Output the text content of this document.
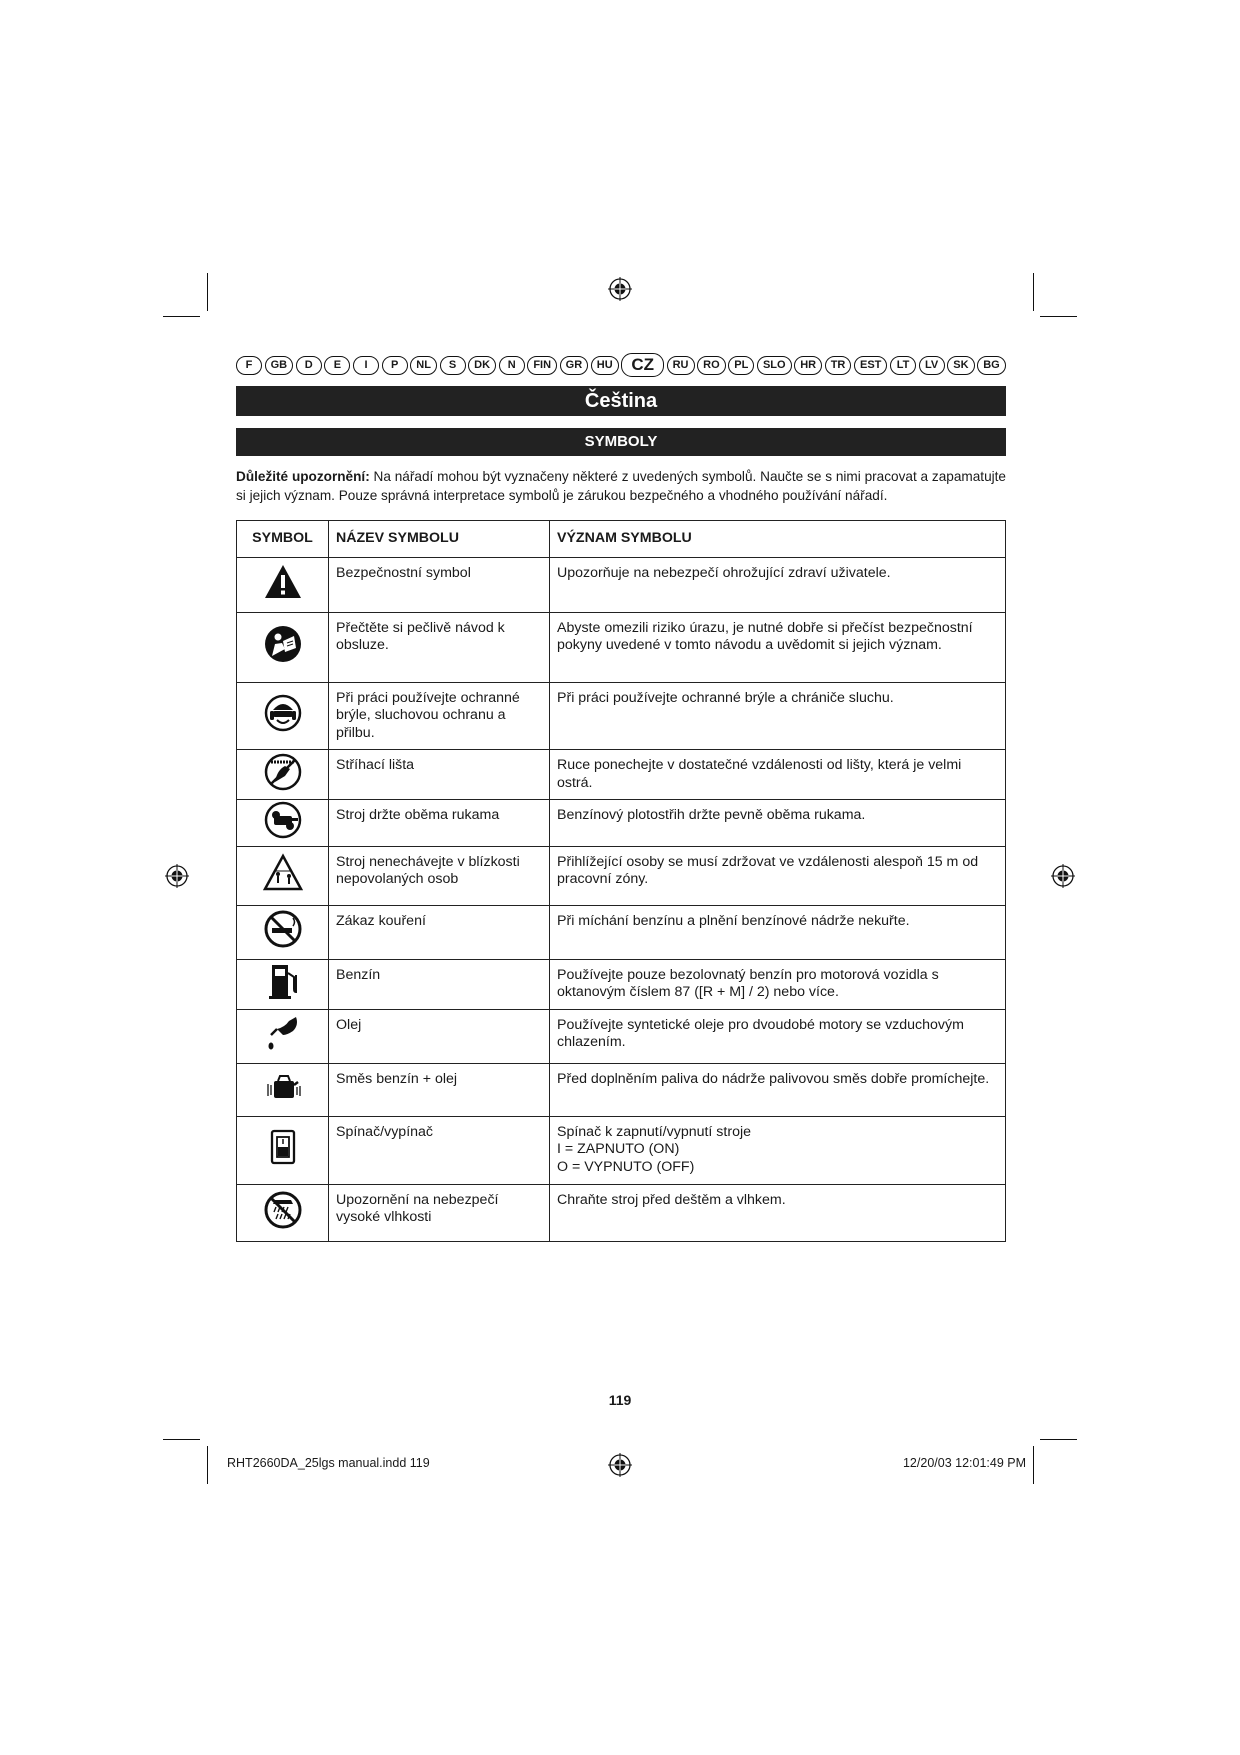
F	GB	D	E	I	P	NL	S	DK	N	FIN	GR	HU	CZ	RU	RO	PL	SLO	HR	TR	EST	LT	LV	SK	BG
Čeština
SYMBOLY
Důležité upozornění: Na nářadí mohou být vyznačeny některé z uvedených symbolů. Naučte se s nimi pracovat a zapamatujte si jejich význam. Pouze správná interpretace symbolů je zárukou bezpečného a vhodného používání nářadí.
SYMBOL	NÁZEV SYMBOLU	VÝZNAM SYMBOLU

	Bezpečnostní symbol	Upozorňuje na nebezpečí ohrožující zdraví uživatele.

	Přečtěte si pečlivě návod k obsluze.	Abyste omezili riziko úrazu, je nutné dobře si přečíst bezpečnostní pokyny uvedené v tomto návodu a uvědomit si jejich význam.

	Při práci používejte ochranné brýle, sluchovou ochranu a přilbu.	Při práci používejte ochranné brýle a chrániče sluchu.

	Stříhací lišta	Ruce ponechejte v dostatečné vzdálenosti od lišty, která je velmi ostrá.

	Stroj držte oběma rukama	Benzínový plotostřih držte pevně oběma rukama.

	Stroj nenechávejte v blízkosti nepovolaných osob	Přihlížející osoby se musí zdržovat ve vzdálenosti alespoň 15 m od pracovní zóny.

	Zákaz kouření	Při míchání benzínu a plnění benzínové nádrže nekuřte.

	Benzín	Používejte pouze bezolovnatý benzín pro motorová vozidla s oktanovým číslem 87 ([R + M] / 2) nebo více.

	Olej	Používejte syntetické oleje pro dvoudobé motory se vzduchovým chlazením.

	Směs benzín + olej	Před doplněním paliva do nádrže palivovou směs dobře promíchejte.

	Spínač/vypínač	Spínač k zapnutí/vypnutí stroje
I = ZAPNUTO (ON)
O = VYPNUTO (OFF)

	Upozornění na nebezpečí vysoké vlhkosti	Chraňte stroj před deštěm a vlhkem.
119
RHT2660DA_25lgs manual.indd 119	12/20/03 12:01:49 PM
